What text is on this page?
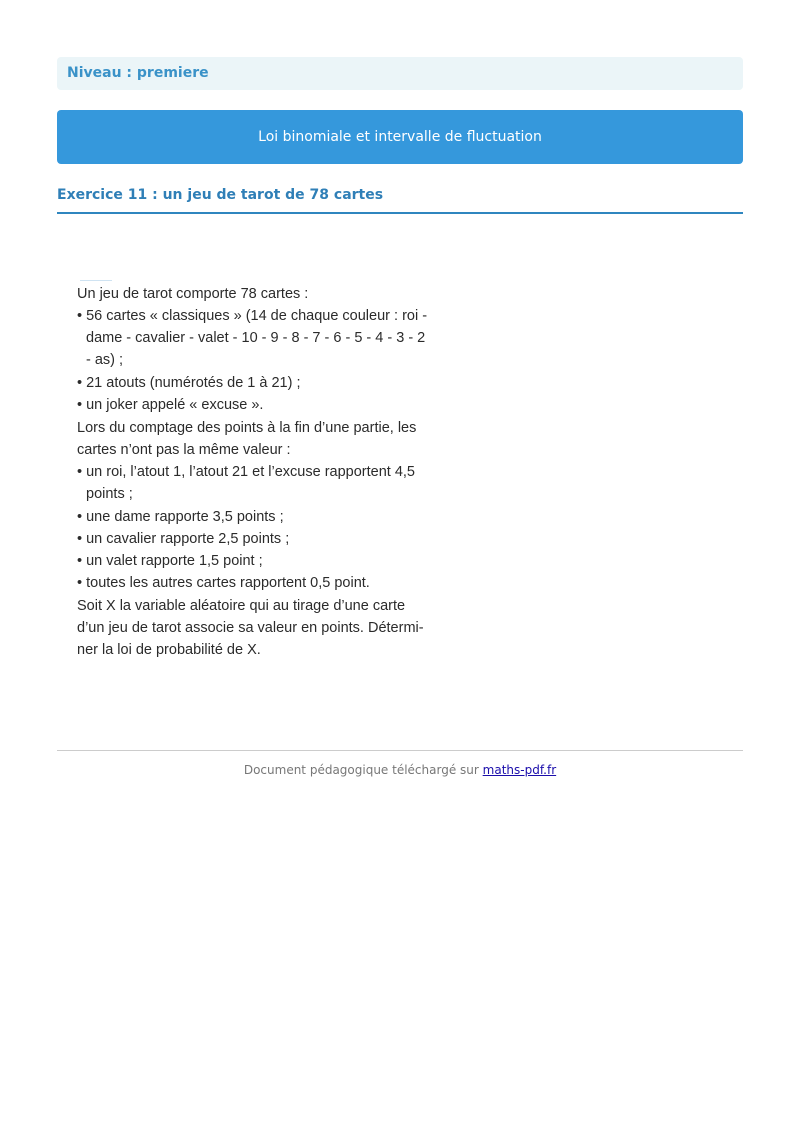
Niveau : premiere
Loi binomiale et intervalle de fluctuation
Exercice 11 : un jeu de tarot de 78 cartes
Un jeu de tarot comporte 78 cartes :
• 56 cartes « classiques » (14 de chaque couleur : roi -
dame - cavalier - valet - 10 - 9 - 8 - 7 - 6 - 5 - 4 - 3 - 2
- as) ;
• 21 atouts (numérotés de 1 à 21) ;
• un joker appelé « excuse ».
Lors du comptage des points à la fin d’une partie, les
cartes n’ont pas la même valeur :
• un roi, l’atout 1, l’atout 21 et l’excuse rapportent 4,5
points ;
• une dame rapporte 3,5 points ;
• un cavalier rapporte 2,5 points ;
• un valet rapporte 1,5 point ;
• toutes les autres cartes rapportent 0,5 point.
Soit X la variable aléatoire qui au tirage d’une carte
d’un jeu de tarot associe sa valeur en points. Détermi-
ner la loi de probabilité de X.
Document pédagogique téléchargé sur maths-pdf.fr
